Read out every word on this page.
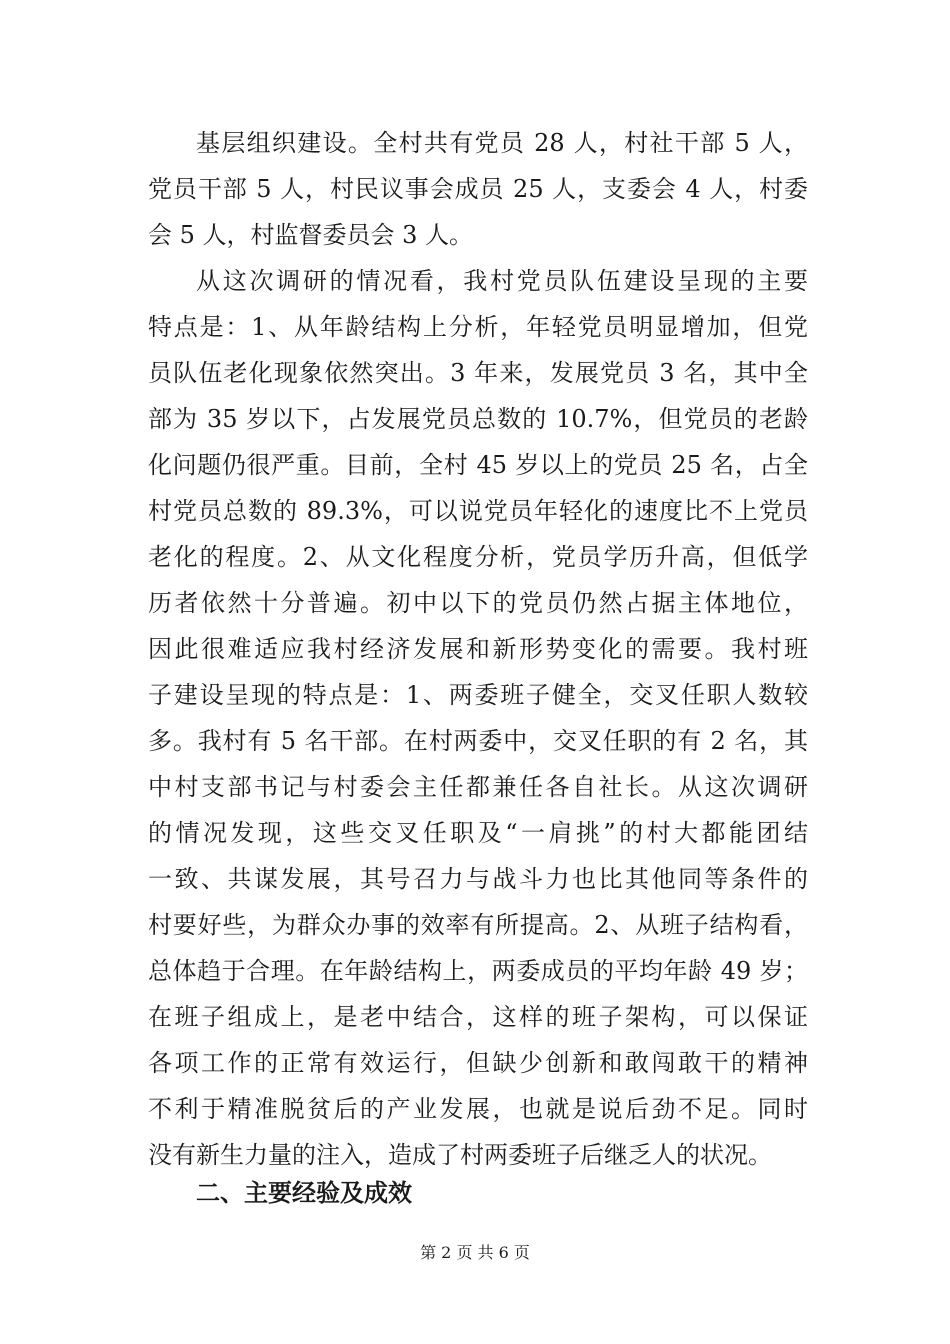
基层组织建设。全村共有党员 28 人，村社干部 5 人，
党员干部 5 人，村民议事会成员 25 人，支委会 4 人，村委
会 5 人，村监督委员会 3 人。
从这次调研的情况看，我村党员队伍建设呈现的主要
特点是：1、从年龄结构上分析，年轻党员明显增加，但党
员队伍老化现象依然突出。3 年来，发展党员 3 名，其中全
部为 35 岁以下，占发展党员总数的 10.7%，但党员的老龄
化问题仍很严重。目前，全村 45 岁以上的党员 25 名，占全
村党员总数的 89.3%，可以说党员年轻化的速度比不上党员
老化的程度。2、从文化程度分析，党员学历升高，但低学
历者依然十分普遍。初中以下的党员仍然占据主体地位，
因此很难适应我村经济发展和新形势变化的需要。我村班
子建设呈现的特点是：1、两委班子健全，交叉任职人数较
多。我村有 5 名干部。在村两委中，交叉任职的有 2 名，其
中村支部书记与村委会主任都兼任各自社长。从这次调研
的情况发现，这些交叉任职及“一肩挑”的村大都能团结
一致、共谋发展，其号召力与战斗力也比其他同等条件的
村要好些，为群众办事的效率有所提高。2、从班子结构看，
总体趋于合理。在年龄结构上，两委成员的平均年龄 49 岁；
在班子组成上，是老中结合，这样的班子架构，可以保证
各项工作的正常有效运行，但缺少创新和敢闯敢干的精神
不利于精准脱贫后的产业发展，也就是说后劲不足。同时
没有新生力量的注入，造成了村两委班子后继乏人的状况。
二、主要经验及成效
第 2 页 共 6 页
